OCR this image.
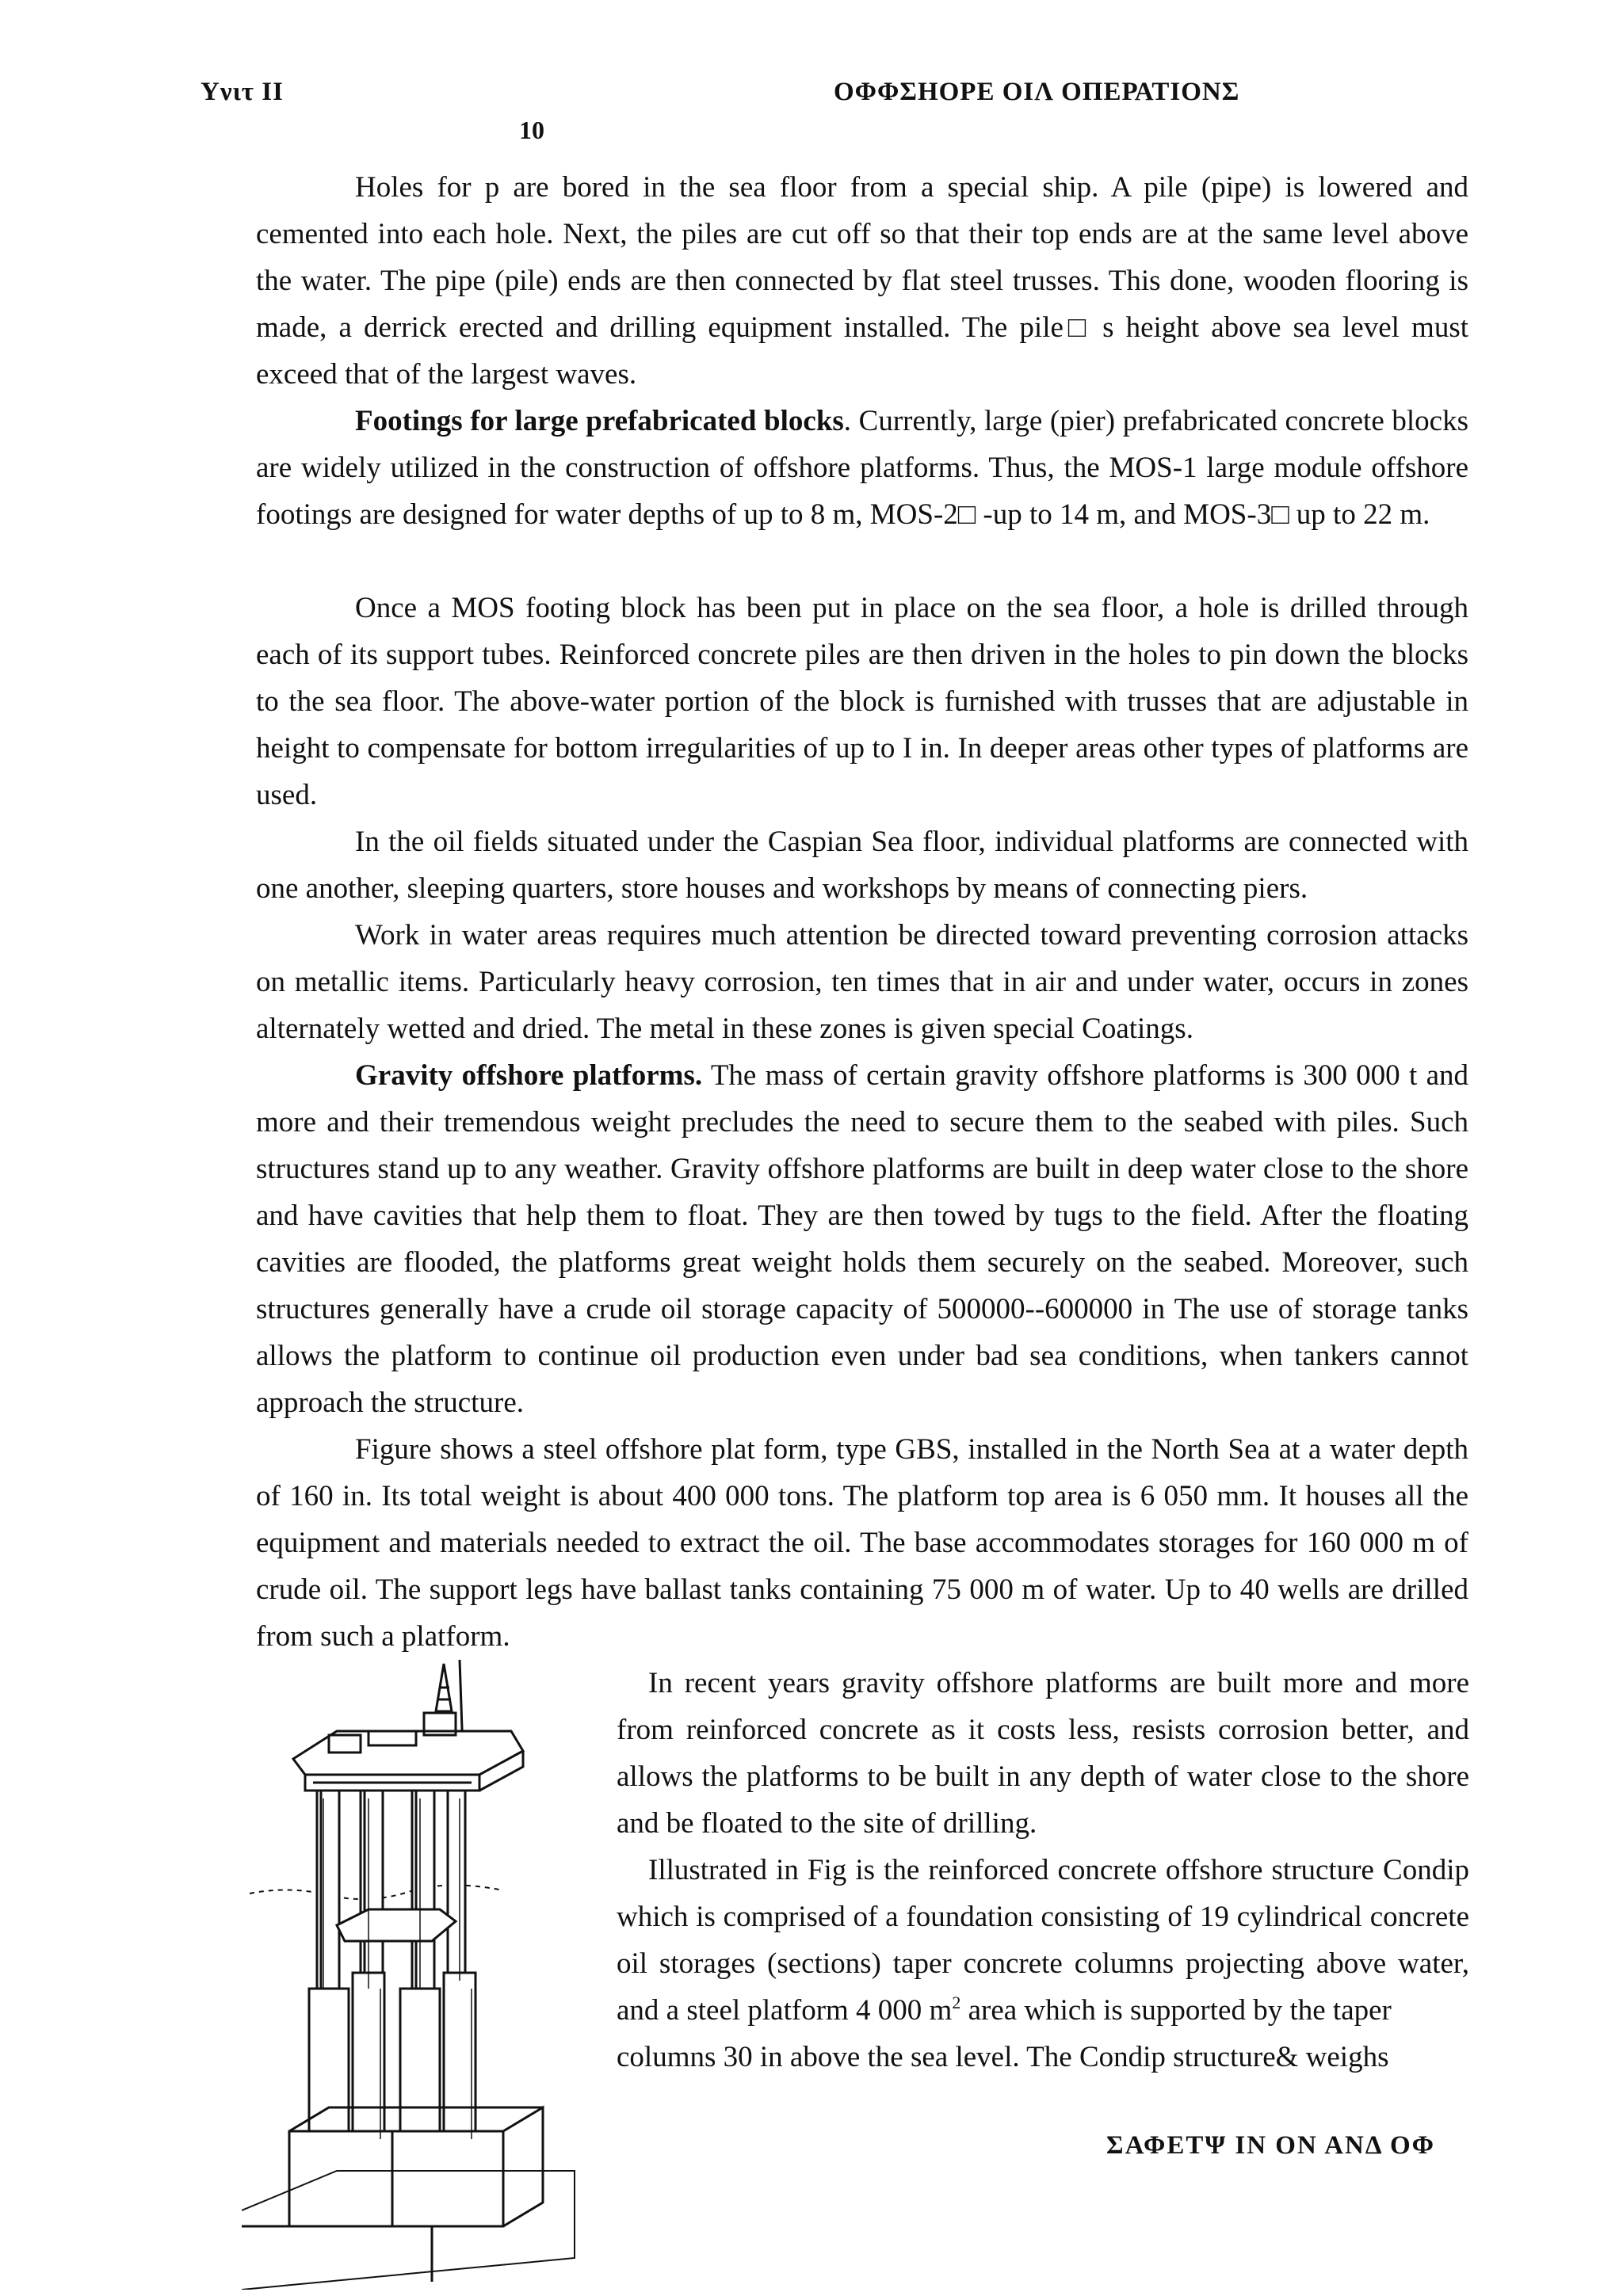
Υνιτ ΙΙ	ΟΦΦΣΗΟΡΕ ΟΙΛ ΟΠΕΡΑΤΙΟΝΣ
10

Holes for p are bored in the sea floor from a special ship. A pile (pipe) is lowered and cemented into each hole. Next, the piles are cut off so that their top ends are at the same level above the water. The pipe (pile) ends are then connected by flat steel trusses. This done, wooden flooring is made, a derrick erected and drilling equipment installed. The pile□ s height above sea level must exceed that of the largest waves.

Footings for large prefabricated blocks. Currently, large (pier) prefabricated concrete blocks are widely utilized in the construction of offshore platforms. Thus, the MOS-1 large module offshore footings are designed for water depths of up to 8 m, MOS-2□ -up to 14 m, and MOS-3□ up to 22 m.

Once a MOS footing block has been put in place on the sea floor, a hole is drilled through each of its support tubes. Reinforced concrete piles are then driven in the holes to pin down the blocks to the sea floor. The above-water portion of the block is furnished with trusses that are adjustable in height to compensate for bottom irregularities of up to I in. In deeper areas other types of platforms are used.

In the oil fields situated under the Caspian Sea floor, individual platforms are connected with one another, sleeping quarters, store houses and workshops by means of connecting piers.

Work in water areas requires much attention be directed toward preventing corrosion attacks on metallic items. Particularly heavy corrosion, ten times that in air and under water, occurs in zones alternately wetted and dried. The metal in these zones is given special Coatings.

Gravity offshore platforms. The mass of certain gravity offshore platforms is 300 000 t and more and their tremendous weight precludes the need to secure them to the seabed with piles. Such structures stand up to any weather. Gravity offshore platforms are built in deep water close to the shore and have cavities that help them to float. They are then towed by tugs to the field. After the floating cavities are flooded, the platforms great weight holds them securely on the seabed. Moreover, such structures generally have a crude oil storage capacity of 500000--600000 in The use of storage tanks allows the platform to continue oil production even under bad sea conditions, when tankers cannot approach the structure.

Figure shows a steel offshore plat form, type GBS, installed in the North Sea at a water depth of 160 in. Its total weight is about 400 000 tons. The platform top area is 6 050 mm. It houses all the equipment and materials needed to extract the oil. The base accommodates storages for 160 000 m of crude oil. The support legs have ballast tanks containing 75 000 m of water. Up to 40 wells are drilled from such a platform.

In recent years gravity offshore platforms are built more and more from reinforced concrete as it costs less, resists corrosion better, and allows the platforms to be built in any depth of water close to the shore and be floated to the site of drilling.

Illustrated in Fig is the reinforced concrete offshore structure Condip which is comprised of a foundation consisting of 19 cylindrical concrete oil storages (sections) taper concrete columns projecting above water, and a steel platform 4 000 $m^2$ area which is supported by the taper

columns 30 in above the sea level. The Condip structure& weighs

ΣΑΦΕΤΨ ΙΝ ΟΝ ΑΝΔ ΟΦ
